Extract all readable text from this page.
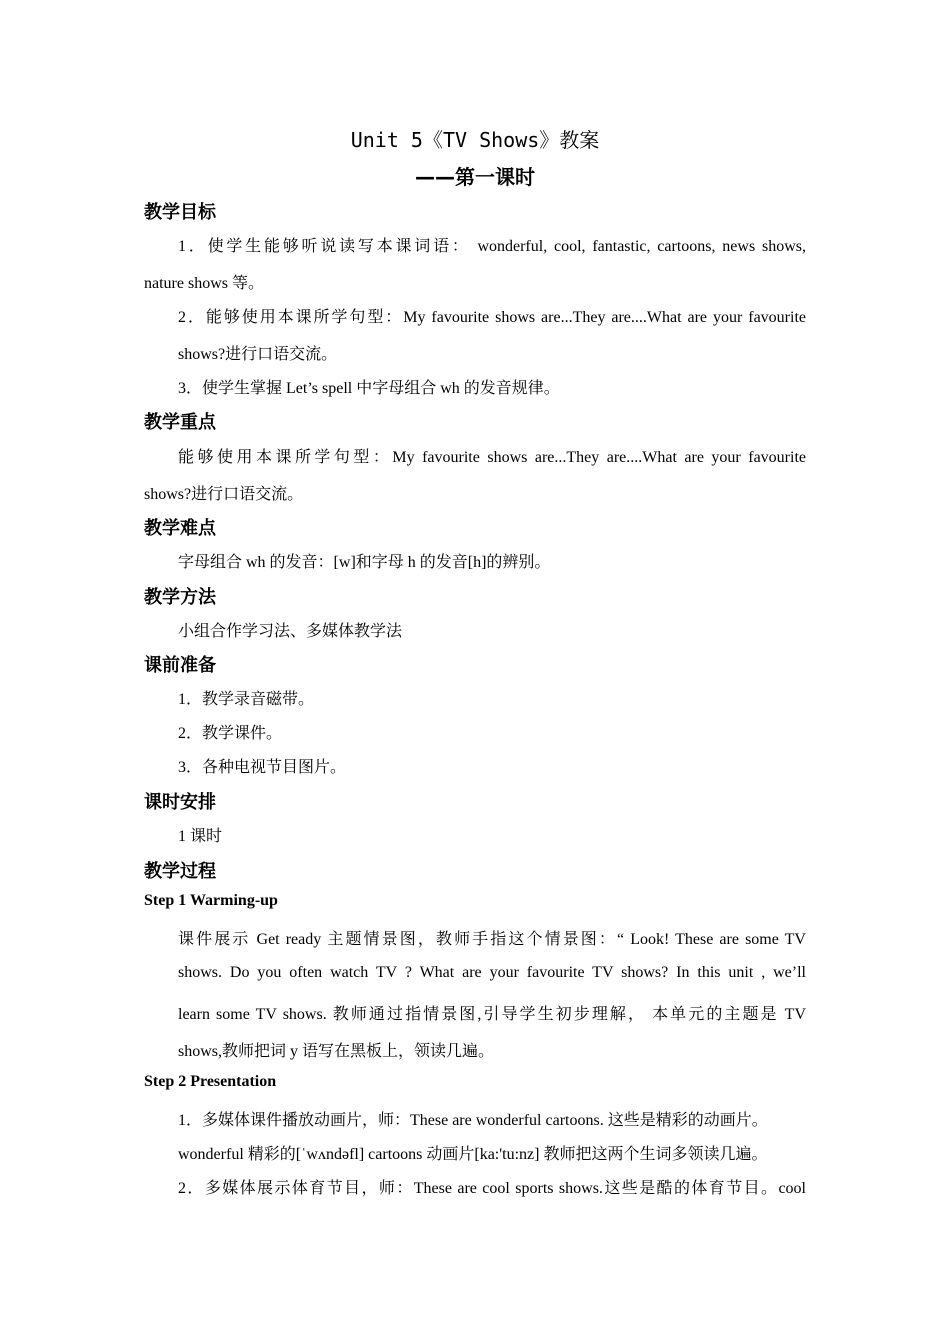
Unit 5《TV Shows》教案
——第一课时
教学目标
1．使学生能够听说读写本课词语： wonderful, cool, fantastic, cartoons, news shows,
nature shows 等。
2．能够使用本课所学句型：My favourite shows are...They are....What are your favourite
shows?进行口语交流。
3．使学生掌握 Let’s spell 中字母组合 wh 的发音规律。
教学重点
能够使用本课所学句型：My favourite shows are...They are....What are your favourite
shows?进行口语交流。
教学难点
字母组合 wh 的发音：[w]和字母 h 的发音[h]的辨别。
教学方法
小组合作学习法、多媒体教学法
课前准备
1．教学录音磁带。
2．教学课件。
3．各种电视节目图片。
课时安排
1 课时
教学过程
Step 1 Warming-up
课件展示 Get ready 主题情景图，教师手指这个情景图：“ Look! These are some TV
shows. Do you often watch TV ? What are your favourite TV shows? In this unit , we’ll
learn some TV shows. 教师通过指情景图,引导学生初步理解， 本单元的主题是 TV
shows,教师把词 y 语写在黑板上，领读几遍。
Step 2 Presentation
1．多媒体课件播放动画片，师：These are wonderful cartoons. 这些是精彩的动画片。
wonderful 精彩的[ˈwʌndəfl] cartoons 动画片[ka:'tu:nz] 教师把这两个生词多领读几遍。
2．多媒体展示体育节目，师：These are cool sports shows.这些是酷的体育节目。cool
